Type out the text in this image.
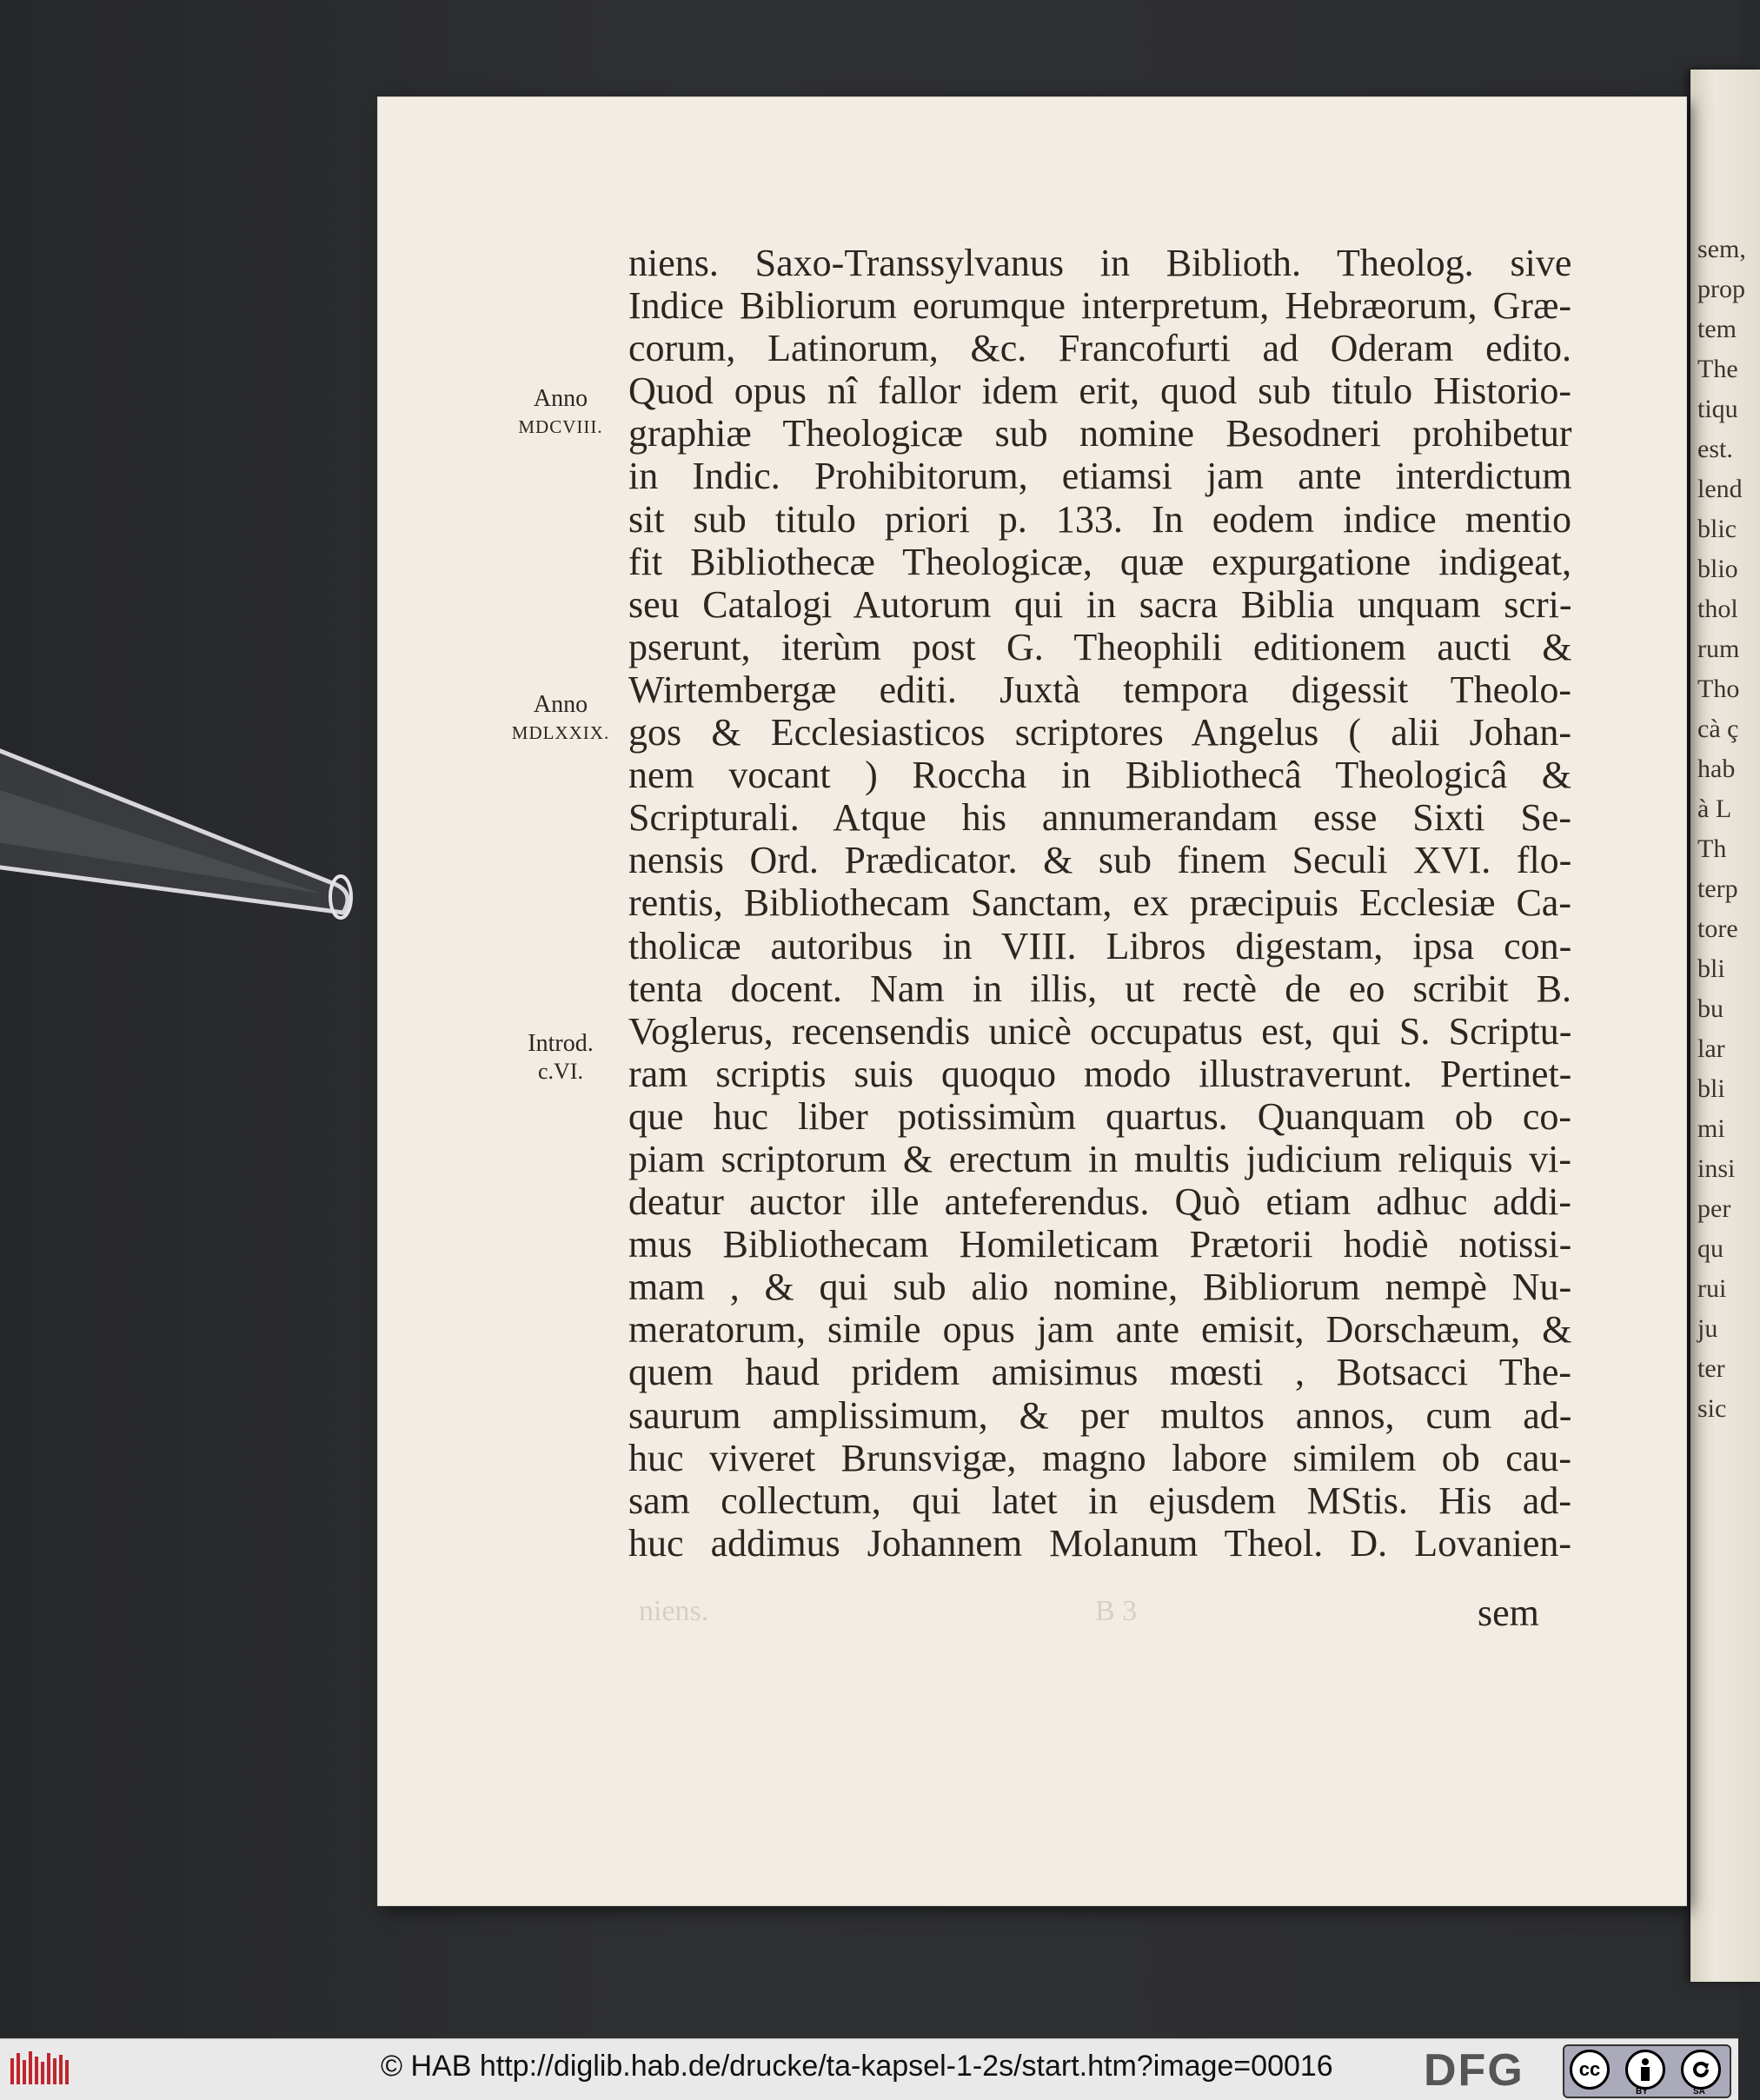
sem,
prop
tem
The
tiqu
est.
lend
blic
blio
thol
rum
Tho
cà ç
hab
à L
Th
terp
tore
bli
bu
lar
bli
mi
insi
per
qu
rui
ju
ter
sic
niens. Saxo-Transsylvanus in Biblioth. Theolog. sive
Indice Bibliorum eorumque interpretum, Hebræorum, Græ-
corum, Latinorum, &c. Francofurti ad Oderam edito.
Quod opus nî fallor idem erit, quod sub titulo Historio-
graphiæ Theologicæ sub nomine Besodneri prohibetur
in Indic. Prohibitorum, etiamsi jam ante interdictum
sit sub titulo priori p. 133. In eodem indice mentio
fit Bibliothecæ Theologicæ, quæ expurgatione indigeat,
seu Catalogi Autorum qui in sacra Biblia unquam scri-
pserunt, iterùm post G. Theophili editionem aucti &
Wirtembergæ editi. Juxtà tempora digessit Theolo-
gos & Ecclesiasticos scriptores Angelus ( alii Johan-
nem vocant ) Roccha in Bibliothecâ Theologicâ &
Scripturali. Atque his annumerandam esse Sixti Se-
nensis Ord. Prædicator. & sub finem Seculi XVI. flo-
rentis, Bibliothecam Sanctam, ex præcipuis Ecclesiæ Ca-
tholicæ autoribus in VIII. Libros digestam, ipsa con-
tenta docent. Nam in illis, ut rectè de eo scribit B.
Voglerus, recensendis unicè occupatus est, qui S. Scriptu-
ram scriptis suis quoquo modo illustraverunt. Pertinet-
que huc liber potissimùm quartus. Quanquam ob co-
piam scriptorum & erectum in multis judicium reliquis vi-
deatur auctor ille anteferendus. Quò etiam adhuc addi-
mus Bibliothecam Homileticam Prætorii hodiè notissi-
mam , & qui sub alio nomine, Bibliorum nempè Nu-
meratorum, simile opus jam ante emisit, Dorschæum, &
quem haud pridem amisimus mœsti , Botsacci The-
saurum amplissimum, & per multos annos, cum ad-
huc viveret Brunsvigæ, magno labore similem ob cau-
sam collectum, qui latet in ejusdem MStis. His ad-
huc addimus Johannem Molanum Theol. D. Lovanien-
Anno
MDCVIII.
Anno
MDLXXIX.
Introd.
c.VI.
niens.	B 3	sem
© HAB http://diglib.hab.de/drucke/ta-kapsel-1-2s/start.htm?image=00016 DFG	cc
BY	SA
